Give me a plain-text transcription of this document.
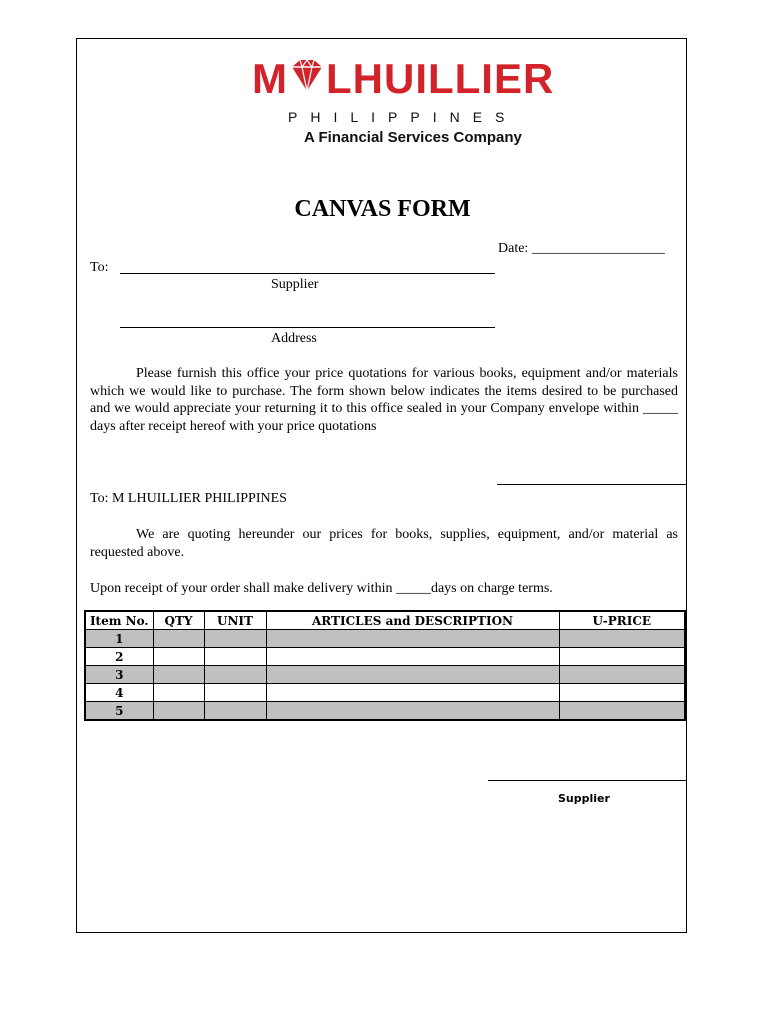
M LHUILLIER
PHILIPPINES
A Financial Services Company
CANVAS FORM
Date: ___________________
To:
Supplier
Address
Please furnish this office your price quotations for various books, equipment and/or materials which we would like to purchase. The form shown below indicates the items desired to be purchased and we would appreciate your returning it to this office sealed in your Company envelope within _____ days after receipt hereof with your price quotations
To: M LHUILLIER PHILIPPINES
We are quoting hereunder our prices for books, supplies, equipment, and/or material as requested above.
Upon receipt of your order shall make delivery within _____days on charge terms.
Item No.	QTY	UNIT	ARTICLES and DESCRIPTION	U-PRICE
1				
2				
3				
4				
5				
Supplier
